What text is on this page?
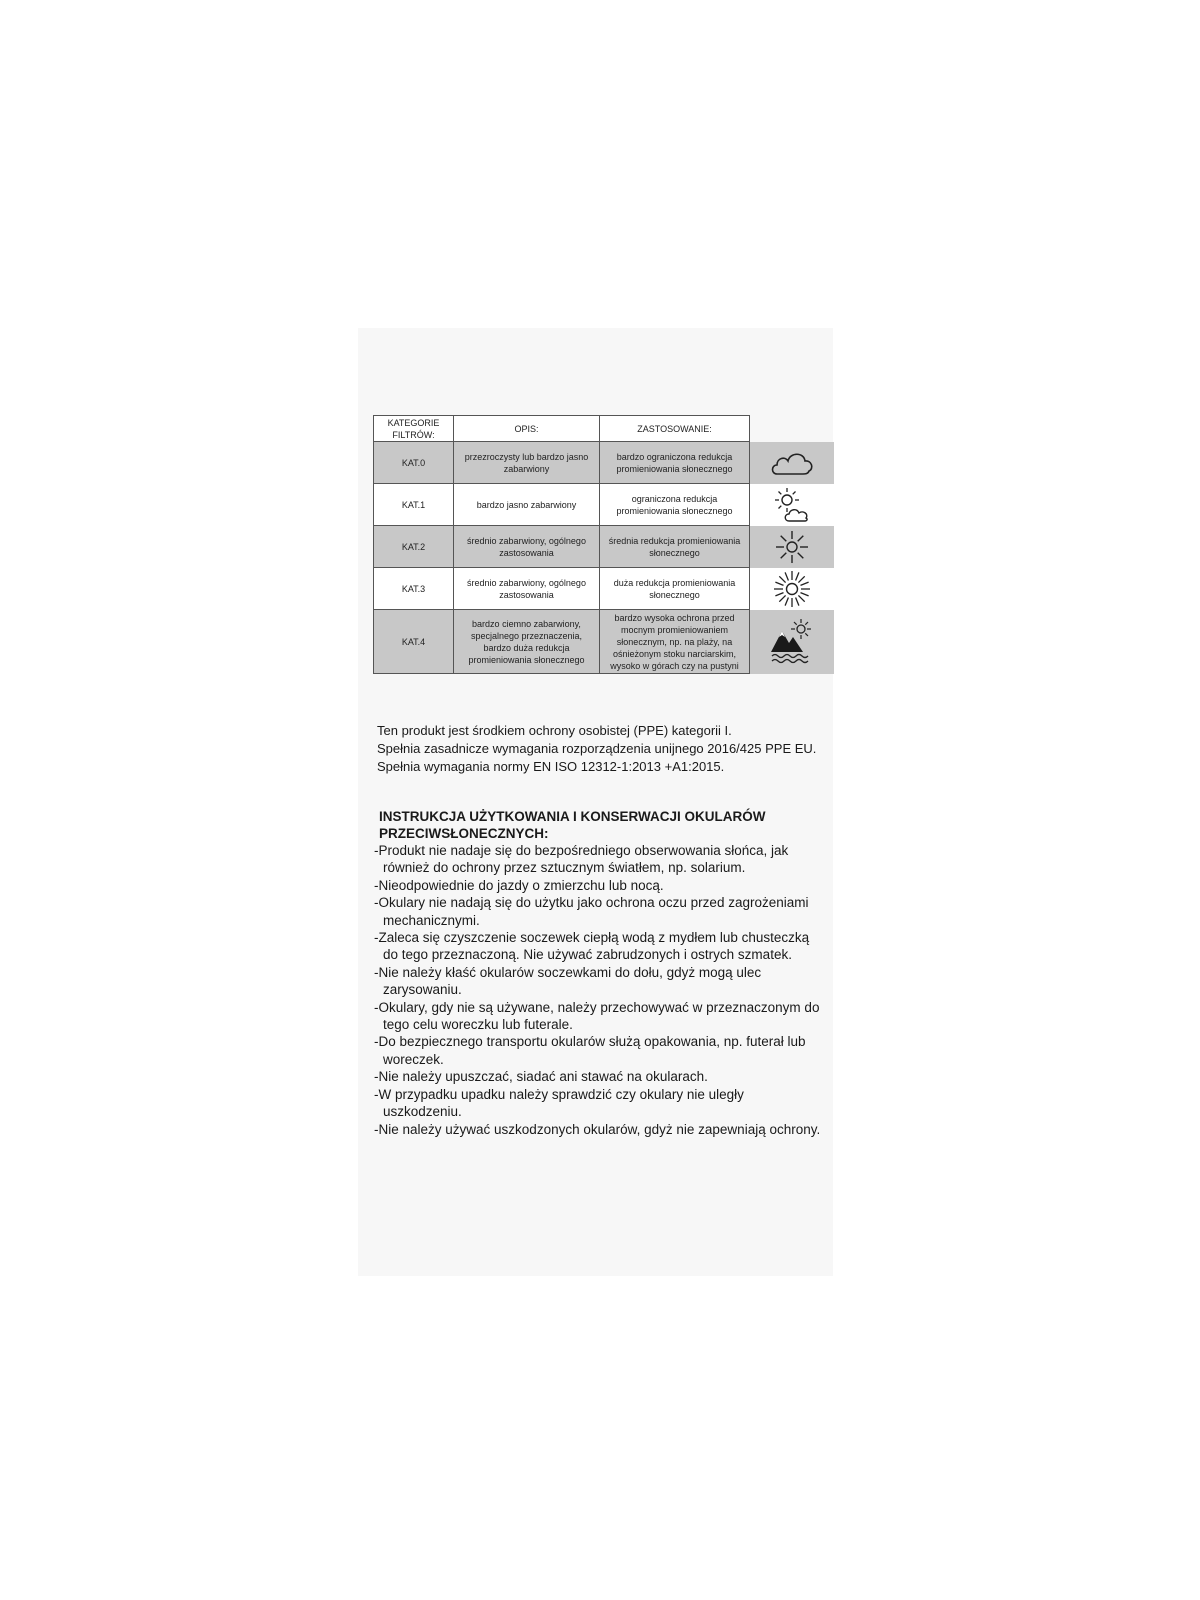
KATEGORIE FILTRÓW:	OPIS:	ZASTOSOWANIE:	
KAT.0	przezroczysty lub bardzo jasno zabarwiony	bardzo ograniczona redukcja promieniowania słonecznego	

KAT.1	bardzo jasno zabarwiony	ograniczona redukcja promieniowania słonecznego	

KAT.2	średnio zabarwiony, ogólnego zastosowania	średnia redukcja promieniowania słonecznego	

KAT.3	średnio zabarwiony, ogólnego zastosowania	duża redukcja promieniowania słonecznego	

KAT.4	bardzo ciemno zabarwiony, specjalnego przeznaczenia, bardzo duża redukcja promieniowania słonecznego	bardzo wysoka ochrona przed mocnym promieniowaniem słonecznym, np. na plaży, na ośnieżonym stoku narciarskim, wysoko w górach czy na pustyni	
Ten produkt jest środkiem ochrony osobistej (PPE) kategorii I.
Spełnia zasadnicze wymagania rozporządzenia unijnego 2016/425 PPE EU.
Spełnia wymagania normy EN ISO 12312-1:2013 +A1:2015.
INSTRUKCJA UŻYTKOWANIA I KONSERWACJI OKULARÓW PRZECIWSŁONECZNYCH:
-Produkt nie nadaje się do bezpośredniego obserwowania słońca, jak również do ochrony przez sztucznym światłem, np. solarium.
-Nieodpowiednie do jazdy o zmierzchu lub nocą.
-Okulary nie nadają się do użytku jako ochrona oczu przed zagrożeniami mechanicznymi.
-Zaleca się czyszczenie soczewek ciepłą wodą z mydłem lub chusteczką do tego przeznaczoną. Nie używać zabrudzonych i ostrych szmatek.
-Nie należy kłaść okularów soczewkami do dołu, gdyż mogą ulec zarysowaniu.
-Okulary, gdy nie są używane, należy przechowywać w przeznaczonym do tego celu woreczku lub futerale.
-Do bezpiecznego transportu okularów służą opakowania, np. futerał lub woreczek.
-Nie należy upuszczać, siadać ani stawać na okularach.
-W przypadku upadku należy sprawdzić czy okulary nie uległy uszkodzeniu.
-Nie należy używać uszkodzonych okularów, gdyż nie zapewniają ochrony.
